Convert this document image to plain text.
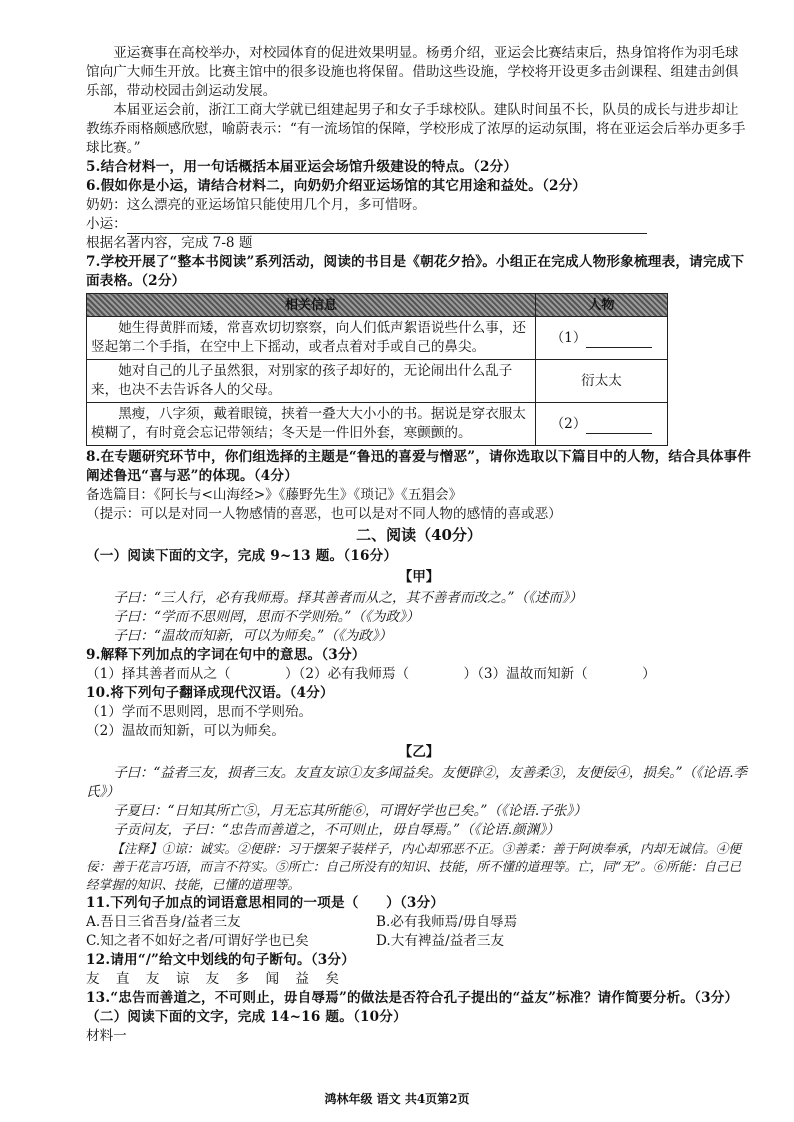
亚运赛事在高校举办，对校园体育的促进效果明显。杨勇介绍，亚运会比赛结束后，热身馆将作为羽毛球馆向广大师生开放。比赛主馆中的很多设施也将保留。借助这些设施，学校将开设更多击剑课程、组建击剑俱乐部，带动校园击剑运动发展。

本届亚运会前，浙江工商大学就已组建起男子和女子手球校队。建队时间虽不长，队员的成长与进步却让教练乔雨格颇感欣慰，喻蔚表示：“有一流场馆的保障，学校形成了浓厚的运动氛围，将在亚运会后举办更多手球比赛。”

5.结合材料一，用一句话概括本届亚运会场馆升级建设的特点。（2分）

6.假如你是小运，请结合材料二，向奶奶介绍亚运场馆的其它用途和益处。（2分）

奶奶：这么漂亮的亚运场馆只能使用几个月，多可惜呀。

小运：

根据名著内容，完成 7-8 题

7.学校开展了“整本书阅读”系列活动，阅读的书目是《朝花夕拾》。小组正在完成人物形象梳理表，请完成下面表格。（2分）

相关信息	人物
她生得黄胖而矮，常喜欢切切察察，向人们低声絮语说些什么事，还竖起第二个手指，在空中上下摇动，或者点着对手或自己的鼻尖。	（1）
她对自己的儿子虽然狠，对别家的孩子却好的，无论闹出什么乱子来，也决不去告诉各人的父母。	衍太太
黑瘦，八字须，戴着眼镜，挟着一叠大大小小的书。据说是穿衣服太模糊了，有时竟会忘记带领结；冬天是一件旧外套，寒颤颤的。	（2）

8.在专题研究环节中，你们组选择的主题是“鲁迅的喜爱与憎恶”，请你选取以下篇目中的人物，结合具体事件阐述鲁迅“喜与恶”的体现。（4分）

备选篇目：《阿长与<山海经>》《藤野先生》《琐记》《五猖会》

（提示：可以是对同一人物感情的喜恶，也可以是对不同人物的感情的喜或恶）

二、阅读（40分）

（一）阅读下面的文字，完成 9~13 题。（16分）

【甲】

子曰：“三人行，必有我师焉。择其善者而从之，其不善者而改之。”（《述而》）

子曰：“学而不思则罔，思而不学则殆。”（《为政》）

子曰：“温故而知新，可以为师矣。”（《为政》）

9.解释下列加点的字词在句中的意思。（3分）

（1）择其善者而从之（　　　　）（2）必有我师焉（　　　　）（3）温故而知新（　　　　）

10.将下列句子翻译成现代汉语。（4分）

（1）学而不思则罔，思而不学则殆。

（2）温故而知新，可以为师矣。

【乙】

子曰：“益者三友，损者三友。友直友谅①友多闻益矣。友便辟②，友善柔③，友便佞④，损矣。”（《论语.季氏》）

子夏曰：“日知其所亡⑤，月无忘其所能⑥，可谓好学也已矣。”（《论语.子张》）

子贡问友，子曰：“忠告而善道之，不可则止，毋自辱焉。”（《论语.颜渊》）

【注释】①谅：诚实。②便辟：习于摆架子装样子，内心却邪恶不正。③善柔：善于阿谀奉承，内却无诚信。④便佞：善于花言巧语，而言不符实。⑤所亡：自己所没有的知识、技能，所不懂的道理等。亡，同“无”。⑥所能：自己已经掌握的知识、技能，已懂的道理等。

11.下列句子加点的词语意思相同的一项是（　　）（3分）

A.吾日三省吾身/益者三友	B.必有我师焉/毋自辱焉
C.知之者不如好之者/可谓好学也已矣	D.大有裨益/益者三友

12.请用“/”给文中划线的句子断句。（3分）

友 直 友 谅 友 多 闻 益 矣

13.“忠告而善道之，不可则止，毋自辱焉”的做法是否符合孔子提出的“益友”标准？请作简要分析。（3分）

（二）阅读下面的文字，完成 14~16 题。（10分）

材料一

鸿林年级 语文 共4页第2页
